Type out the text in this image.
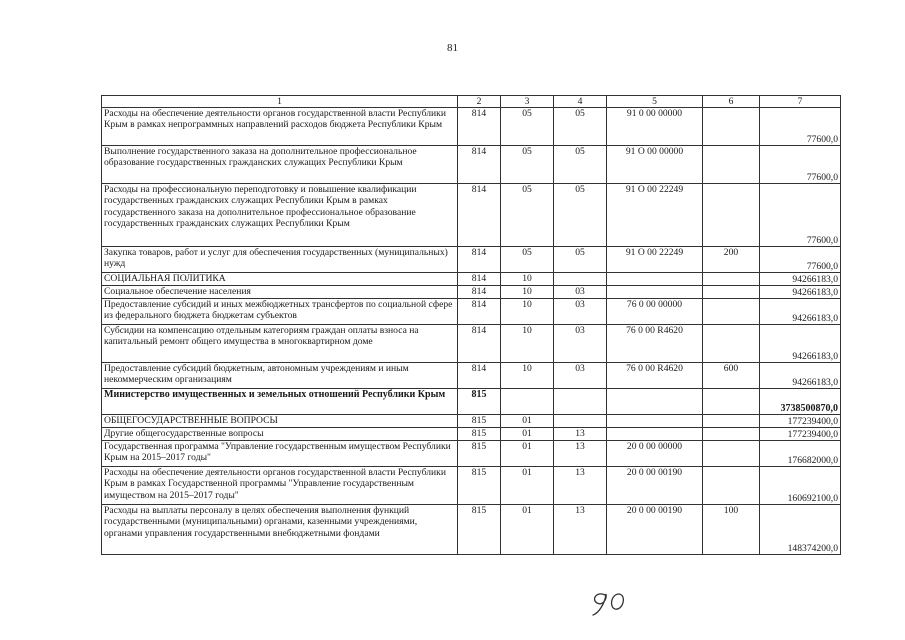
81
1	2	3	4	5	6	7
Расходы на обеспечение деятельности органов государственной власти Республики Крым в рамках непрограммных направлений расходов бюджета Республики Крым	814	05	05	91 0 00 00000		77600,0
Выполнение государственного заказа на дополнительное профессиональное образование государственных гражданских служащих Республики Крым	814	05	05	91 О 00 00000		77600,0
Расходы на профессиональную переподготовку и повышение квалификации государственных гражданских служащих Республики Крым в рамках государственного заказа на дополнительное профессиональное образование государственных гражданских служащих Республики Крым	814	05	05	91 О 00 22249		77600,0
Закупка товаров, работ и услуг для обеспечения государственных (муниципальных) нужд	814	05	05	91 О 00 22249	200	77600,0
СОЦИАЛЬНАЯ ПОЛИТИКА	814	10				94266183,0
Социальное обеспечение населения	814	10	03			94266183,0
Предоставление субсидий и иных межбюджетных трансфертов по социальной сфере из федерального бюджета бюджетам субъектов	814	10	03	76 0 00 00000		94266183,0
Субсидии на компенсацию отдельным категориям граждан оплаты взноса на капитальный ремонт общего имущества в многоквартирном доме	814	10	03	76 0 00 R4620		94266183,0
Предоставление субсидий бюджетным, автономным учреждениям и иным некоммерческим организациям	814	10	03	76 0 00 R4620	600	94266183,0
Министерство имущественных и земельных отношений Республики Крым	815					3738500870,0
ОБЩЕГОСУДАРСТВЕННЫЕ ВОПРОСЫ	815	01				177239400,0
Другие общегосударственные вопросы	815	01	13			177239400,0
Государственная программа "Управление государственным имуществом Республики Крым на 2015–2017 годы"	815	01	13	20 0 00 00000		176682000,0
Расходы на обеспечение деятельности органов государственной власти Республики Крым в рамках Государственной программы "Управление государственным имуществом на 2015–2017 годы"	815	01	13	20 0 00 00190		160692100,0
Расходы на выплаты персоналу в целях обеспечения выполнения функций государственными (муниципальными) органами, казенными учреждениями, органами управления государственными внебюджетными фондами	815	01	13	20 0 00 00190	100	148374200,0
